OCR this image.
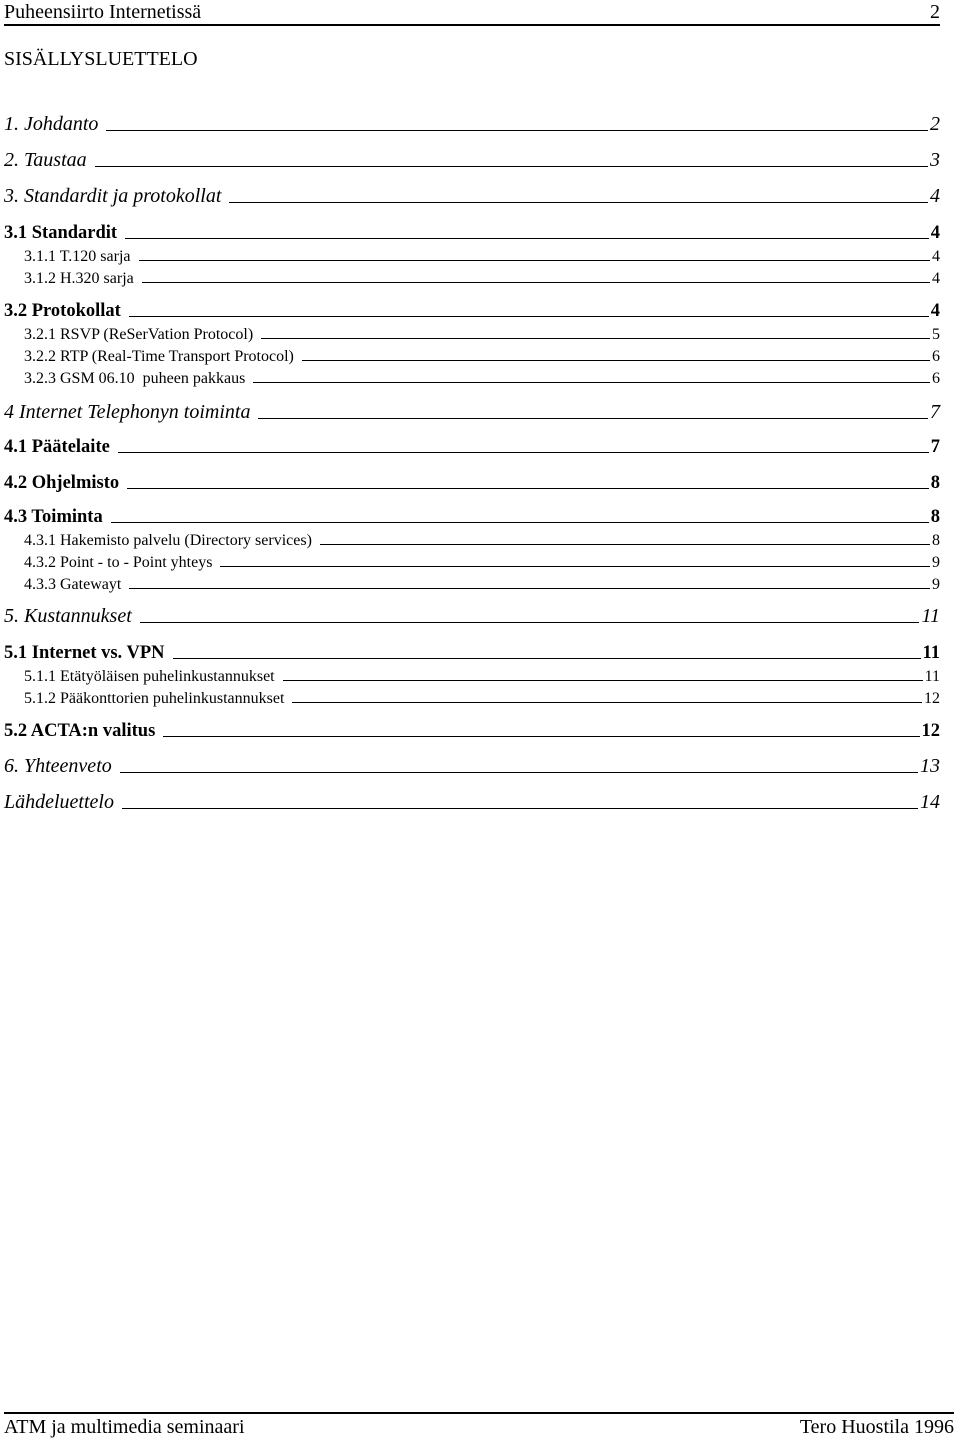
Puheensiirto Internetissä	2
SISÄLLYSLUETTELO
1. Johdanto	2
2. Taustaa	3
3. Standardit ja protokollat	4
3.1 Standardit	4
3.1.1 T.120 sarja	4
3.1.2 H.320 sarja	4
3.2 Protokollat	4
3.2.1 RSVP (ReSerVation Protocol)	5
3.2.2 RTP (Real-Time Transport Protocol)	6
3.2.3 GSM 06.10  puheen pakkaus	6
4 Internet Telephonyn toiminta	7
4.1 Päätelaite	7
4.2 Ohjelmisto	8
4.3 Toiminta	8
4.3.1 Hakemisto palvelu (Directory services)	8
4.3.2 Point - to - Point yhteys	9
4.3.3 Gatewayt	9
5. Kustannukset	11
5.1 Internet vs. VPN	11
5.1.1 Etätyöläisen puhelinkustannukset	11
5.1.2 Pääkonttorien puhelinkustannukset	12
5.2 ACTA:n valitus	12
6. Yhteenveto	13
Lähdeluettelo	14
ATM ja multimedia seminaari	Tero Huostila 1996
